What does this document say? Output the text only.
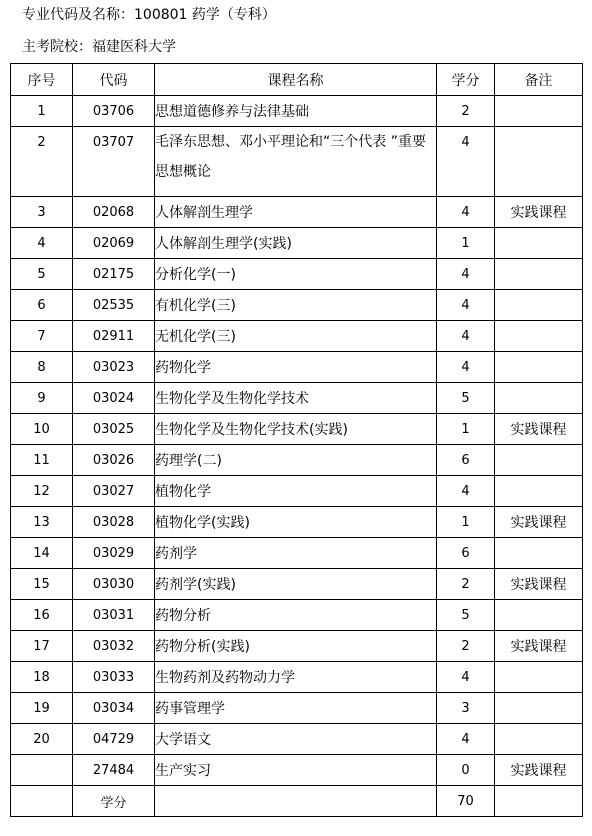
专业代码及名称：100801 药学（专科）
主考院校：福建医科大学
序号	代码	课程名称	学分	备注
1	03706	思想道德修养与法律基础	2	
2	03707	毛泽东思想、邓小平理论和“三个代表 ”重要思想概论	4	
3	02068	人体解剖生理学	4	实践课程
4	02069	人体解剖生理学(实践)	1	
5	02175	分析化学(一)	4	
6	02535	有机化学(三)	4	
7	02911	无机化学(三)	4	
8	03023	药物化学	4	
9	03024	生物化学及生物化学技术	5	
10	03025	生物化学及生物化学技术(实践)	1	实践课程
11	03026	药理学(二)	6	
12	03027	植物化学	4	
13	03028	植物化学(实践)	1	实践课程
14	03029	药剂学	6	
15	03030	药剂学(实践)	2	实践课程
16	03031	药物分析	5	
17	03032	药物分析(实践)	2	实践课程
18	03033	生物药剂及药物动力学	4	
19	03034	药事管理学	3	
20	04729	大学语文	4	
	27484	生产实习	0	实践课程
	学分		70	
